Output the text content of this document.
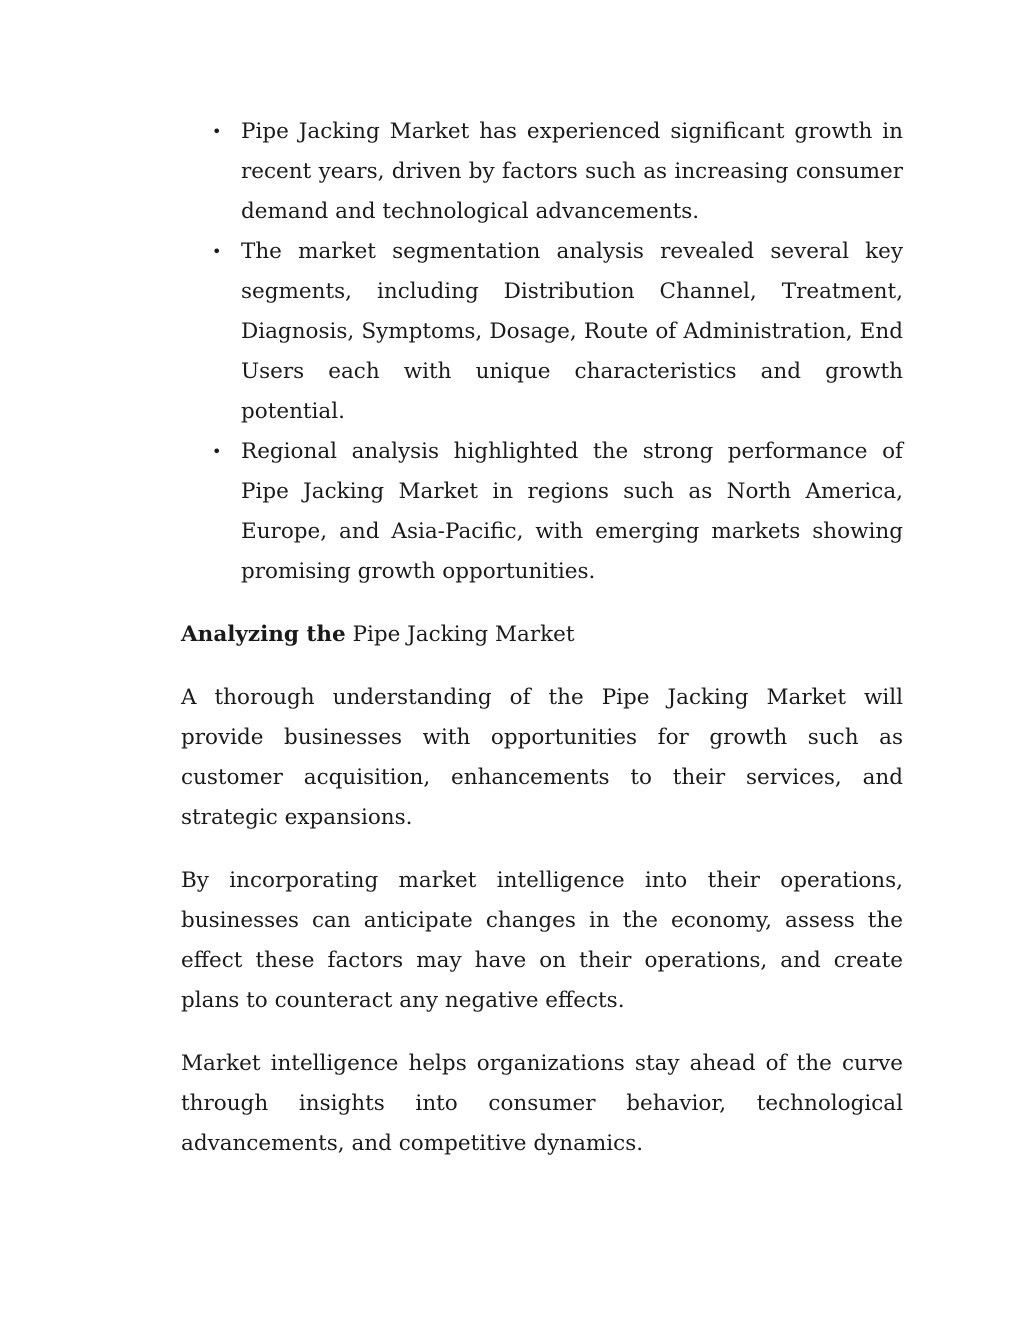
• Pipe Jacking Market has experienced significant growth in recent years, driven by factors such as increasing consumer demand and technological advancements.
• The market segmentation analysis revealed several key segments, including Distribution Channel, Treatment, Diagnosis, Symptoms, Dosage, Route of Administration, End Users each with unique characteristics and growth potential.
• Regional analysis highlighted the strong performance of Pipe Jacking Market in regions such as North America, Europe, and Asia-Pacific, with emerging markets showing promising growth opportunities.

Analyzing the Pipe Jacking Market

A thorough understanding of the Pipe Jacking Market will provide businesses with opportunities for growth such as customer acquisition, enhancements to their services, and strategic expansions.

By incorporating market intelligence into their operations, businesses can anticipate changes in the economy, assess the effect these factors may have on their operations, and create plans to counteract any negative effects.

Market intelligence helps organizations stay ahead of the curve through insights into consumer behavior, technological advancements, and competitive dynamics.
